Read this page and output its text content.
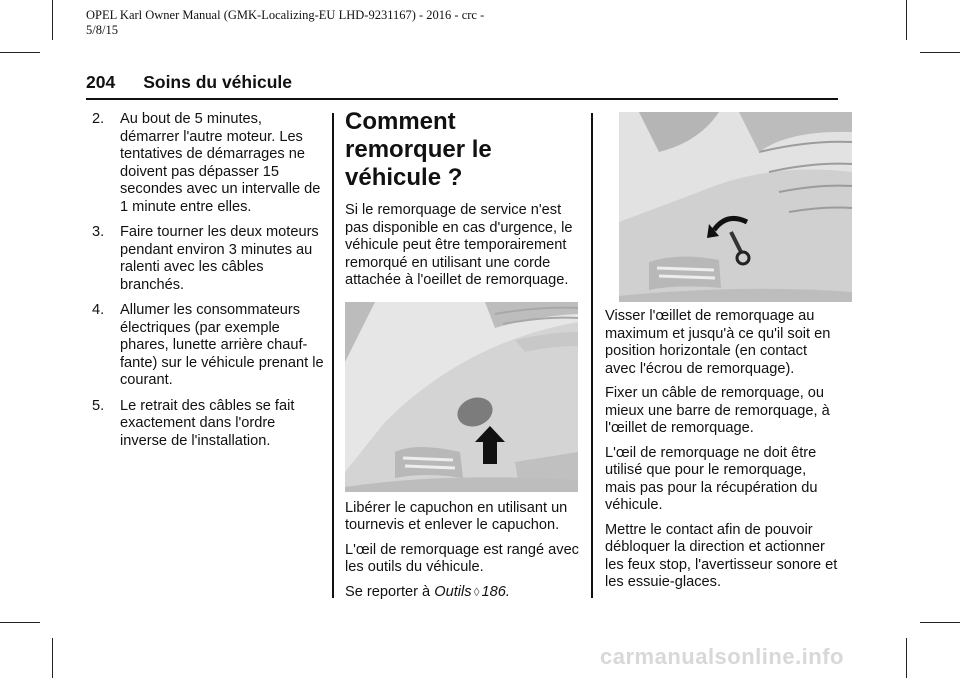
OPEL Karl Owner Manual (GMK-Localizing-EU LHD-9231167) - 2016 - crc -
5/8/15
204 Soins du véhicule
2.	Au bout de 5 minutes, démarrer l'autre moteur. Les tentatives de démarrages ne doivent pas dépasser 15 secondes avec un intervalle de 1 minute entre elles.
3.	Faire tourner les deux moteurs pendant environ 3 minutes au ralenti avec les câbles branchés.
4.	Allumer les consommateurs électriques (par exemple phares, lunette arrière chauf-fante) sur le véhicule prenant le courant.
5.	Le retrait des câbles se fait exactement dans l'ordre inverse de l'installation.
Comment remorquer le véhicule ?

Si le remorquage de service n'est pas disponible en cas d'urgence, le véhicule peut être temporairement remorqué en utilisant une corde attachée à l'oeillet de remorquage.

Libérer le capuchon en utilisant un tournevis et enlever le capuchon.

L'œil de remorquage est rangé avec les outils du véhicule.

Se reporter à Outils ◊ 186.

Visser l'œillet de remorquage au maximum et jusqu'à ce qu'il soit en position horizontale (en contact avec l'écrou de remorquage).

Fixer un câble de remorquage, ou mieux une barre de remorquage, à l'œillet de remorquage.

L'œil de remorquage ne doit être utilisé que pour le remorquage, mais pas pour la récupération du véhicule.

Mettre le contact afin de pouvoir débloquer la direction et actionner les feux stop, l'avertisseur sonore et les essuie-glaces.

carmanualsonline.info
